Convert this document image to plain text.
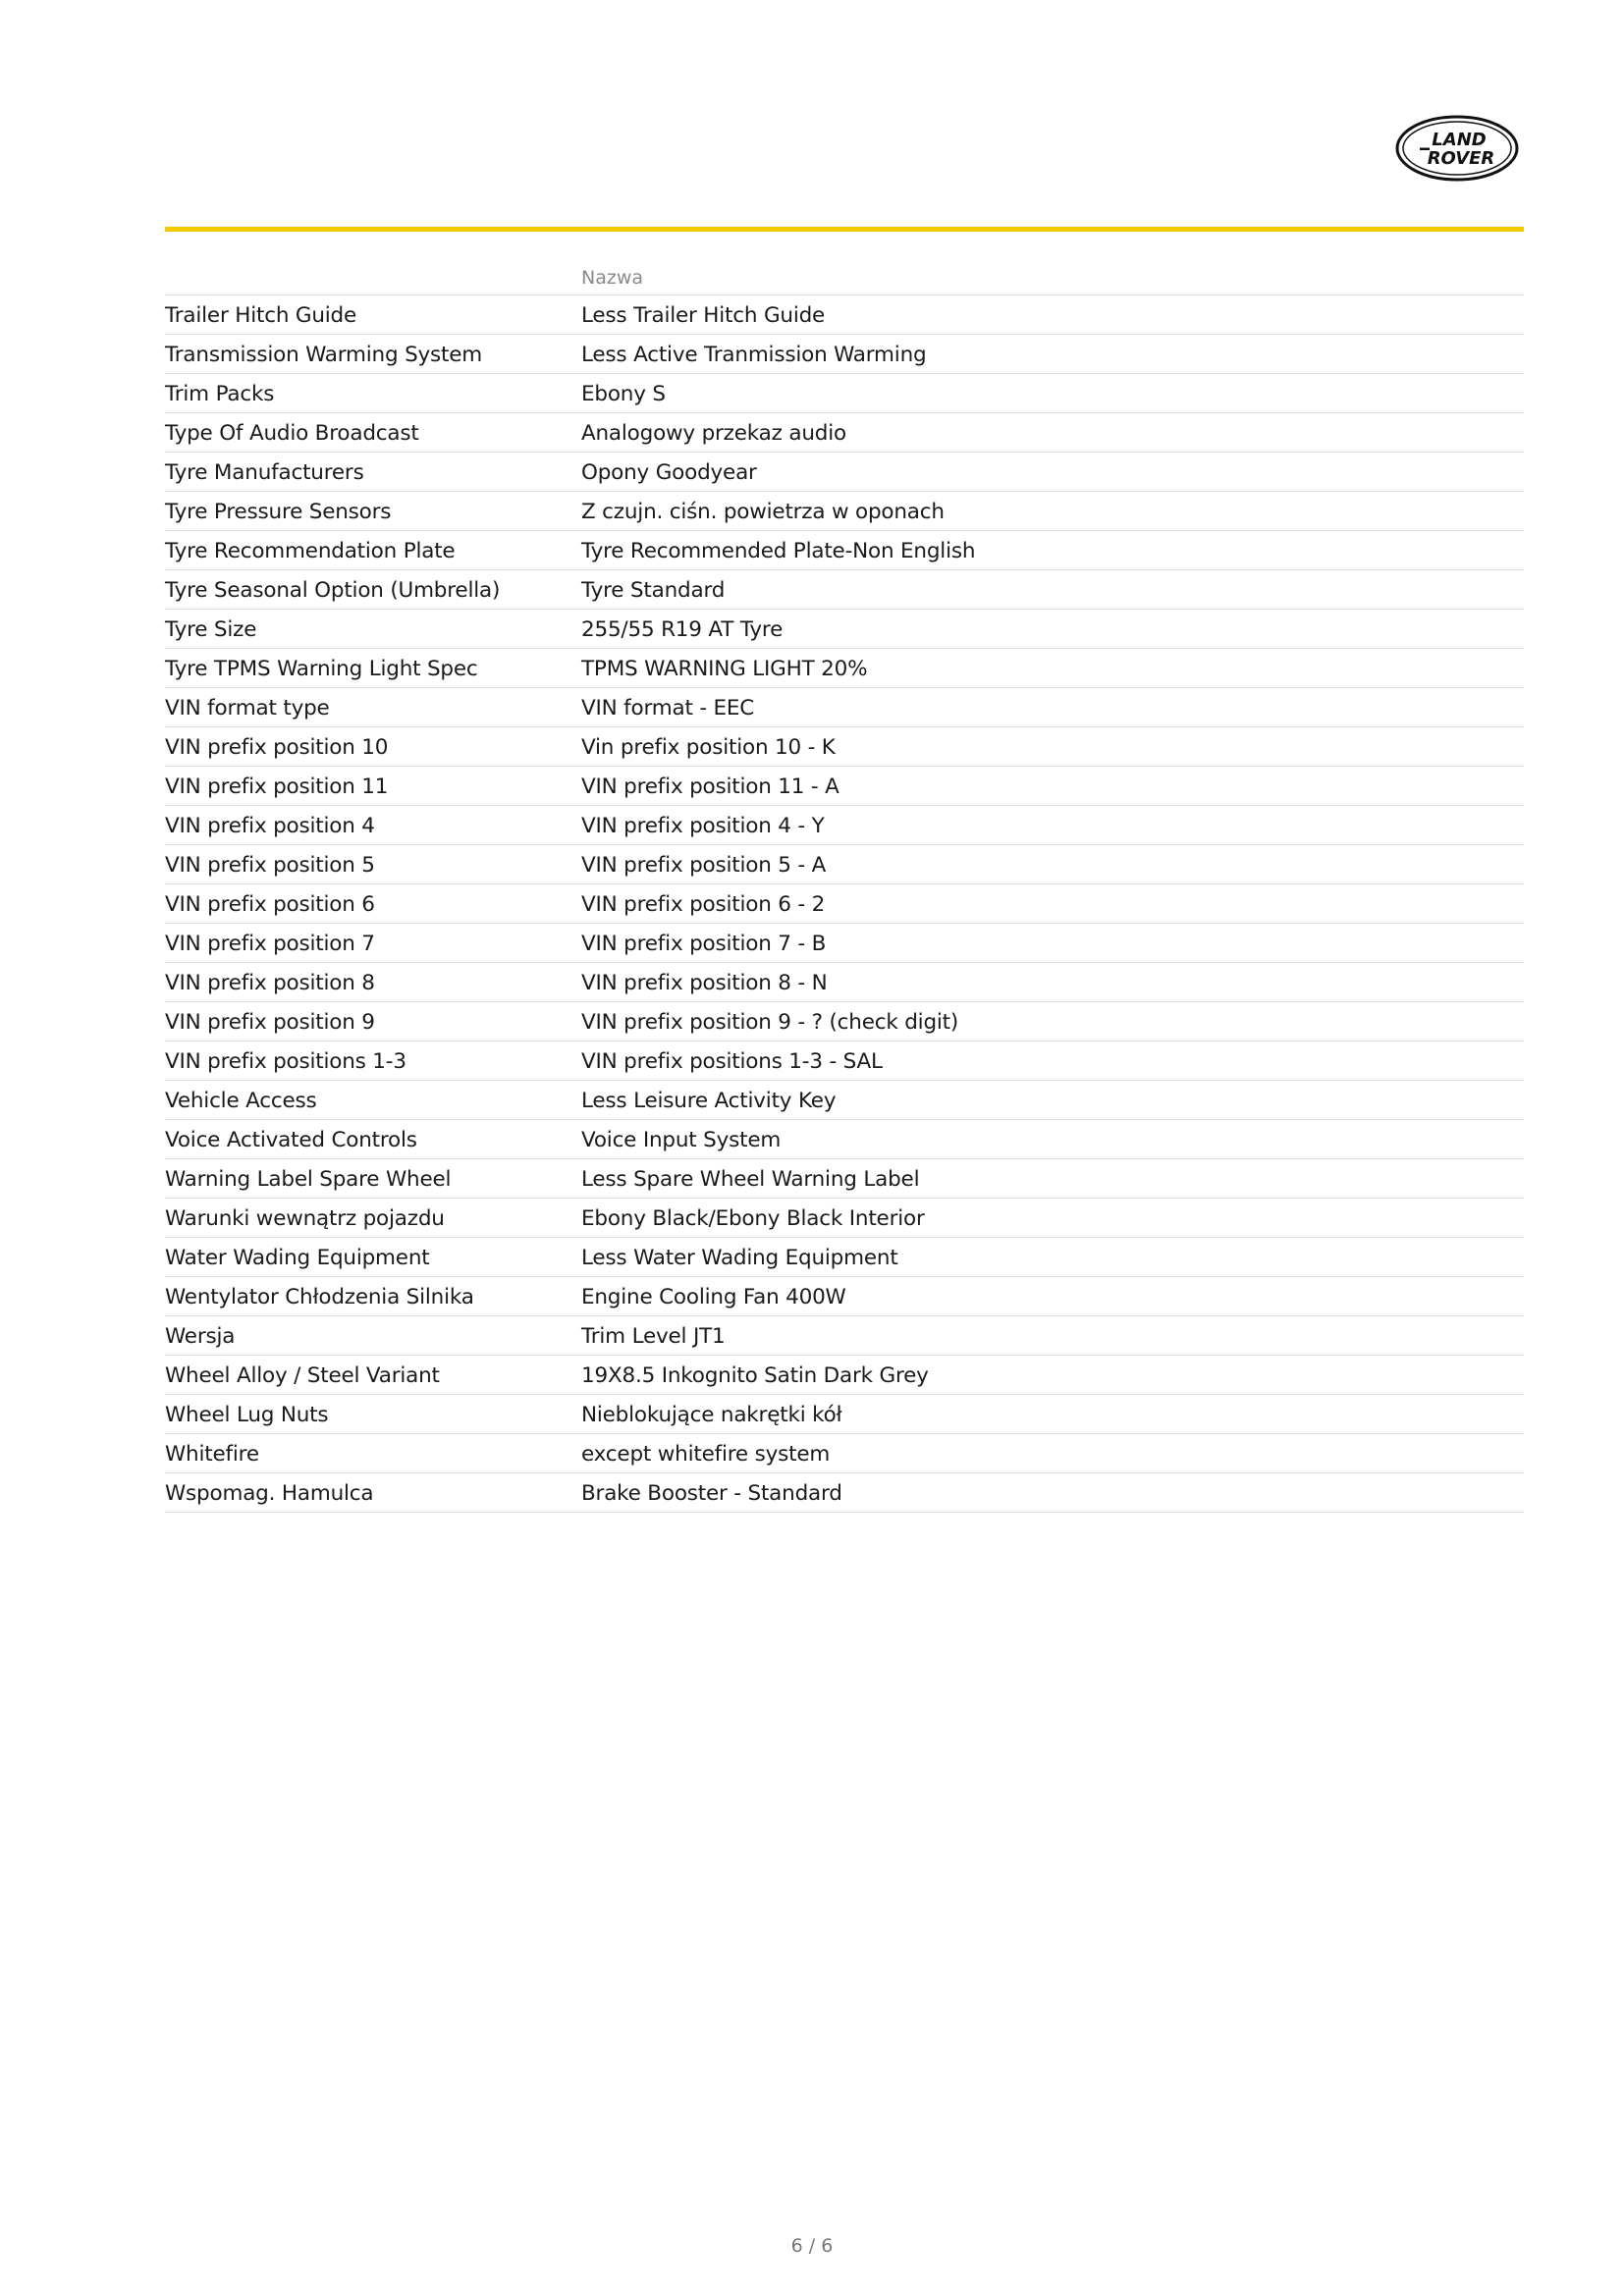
LAND
ROVER
Nazwa
Trailer Hitch Guide	Less Trailer Hitch Guide
Transmission Warming System	Less Active Tranmission Warming
Trim Packs	Ebony S
Type Of Audio Broadcast	Analogowy przekaz audio
Tyre Manufacturers	Opony Goodyear
Tyre Pressure Sensors	Z czujn. ciśn. powietrza w oponach
Tyre Recommendation Plate	Tyre Recommended Plate-Non English
Tyre Seasonal Option (Umbrella)	Tyre Standard
Tyre Size	255/55 R19 AT Tyre
Tyre TPMS Warning Light Spec	TPMS WARNING LIGHT 20%
VIN format type	VIN format - EEC
VIN prefix position 10	Vin prefix position 10 - K
VIN prefix position 11	VIN prefix position 11 - A
VIN prefix position 4	VIN prefix position 4 - Y
VIN prefix position 5	VIN prefix position 5 - A
VIN prefix position 6	VIN prefix position 6 - 2
VIN prefix position 7	VIN prefix position 7 - B
VIN prefix position 8	VIN prefix position 8 - N
VIN prefix position 9	VIN prefix position 9 - ? (check digit)
VIN prefix positions 1-3	VIN prefix positions 1-3 - SAL
Vehicle Access	Less Leisure Activity Key
Voice Activated Controls	Voice Input System
Warning Label Spare Wheel	Less Spare Wheel Warning Label
Warunki wewnątrz pojazdu	Ebony Black/Ebony Black Interior
Water Wading Equipment	Less Water Wading Equipment
Wentylator Chłodzenia Silnika	Engine Cooling Fan 400W
Wersja	Trim Level JT1
Wheel Alloy / Steel Variant	19X8.5 Inkognito Satin Dark Grey
Wheel Lug Nuts	Nieblokujące nakrętki kół
Whitefire	except whitefire system
Wspomag. Hamulca	Brake Booster - Standard
6 / 6
